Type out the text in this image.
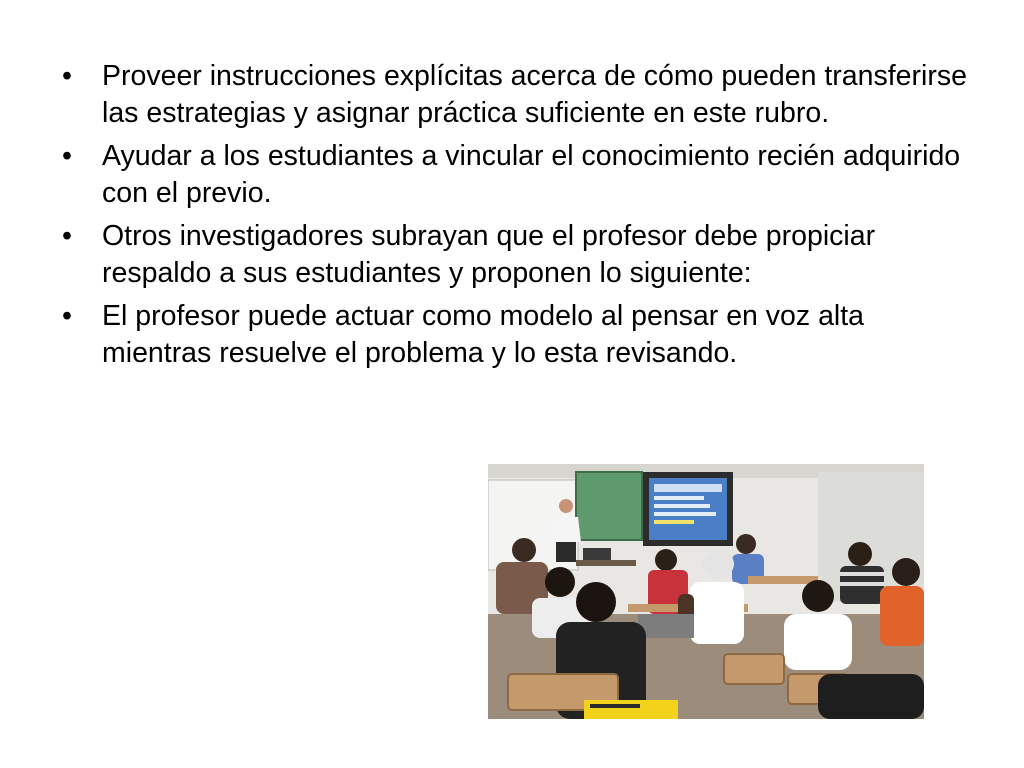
•	Proveer instrucciones explícitas acerca de cómo pueden transferirse las estrategias y asignar práctica suficiente en este rubro.
•	Ayudar a los estudiantes a vincular el conocimiento recién adquirido con el previo.
•	Otros investigadores subrayan que el profesor debe propiciar respaldo a sus estudiantes y proponen lo siguiente:
•	El profesor puede actuar como modelo al pensar en voz alta mientras resuelve el problema y lo esta revisando.
